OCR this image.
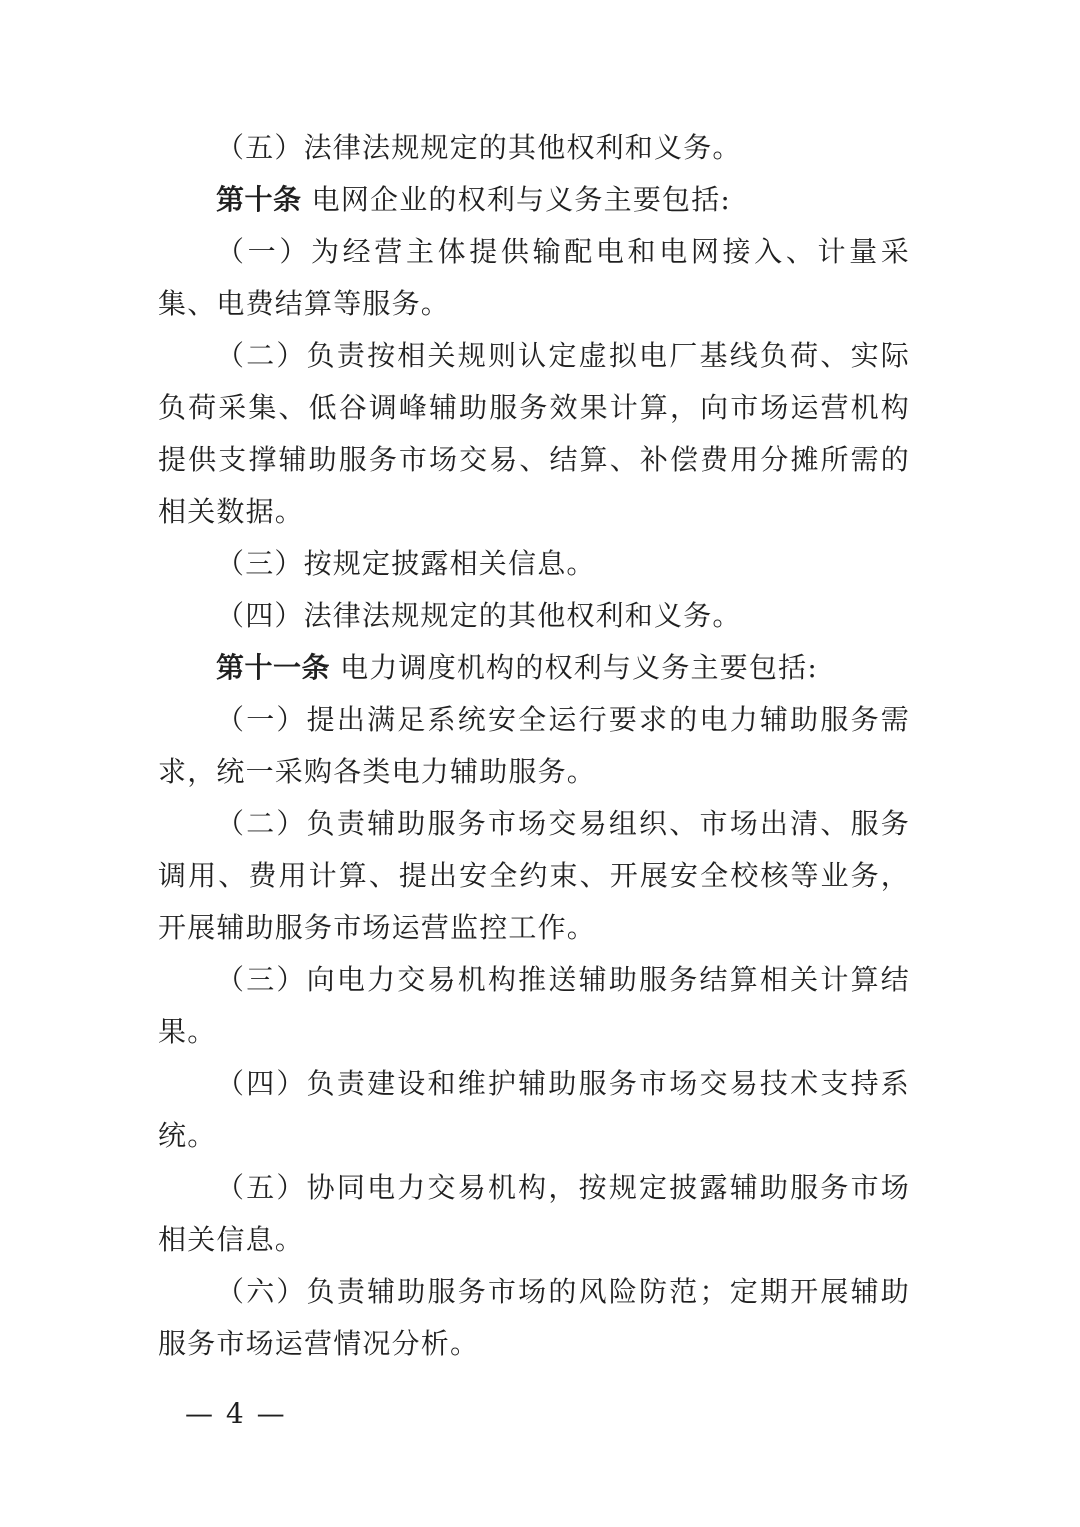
（五）法律法规规定的其他权利和义务。

第十条 电网企业的权利与义务主要包括:

（一）为经营主体提供输配电和电网接入、计量采集、电费结算等服务。

（二）负责按相关规则认定虚拟电厂基线负荷、实际负荷采集、低谷调峰辅助服务效果计算，向市场运营机构提供支撑辅助服务市场交易、结算、补偿费用分摊所需的相关数据。

（三）按规定披露相关信息。

（四）法律法规规定的其他权利和义务。

第十一条 电力调度机构的权利与义务主要包括:

（一）提出满足系统安全运行要求的电力辅助服务需求，统一采购各类电力辅助服务。

（二）负责辅助服务市场交易组织、市场出清、服务调用、费用计算、提出安全约束、开展安全校核等业务，开展辅助服务市场运营监控工作。

（三）向电力交易机构推送辅助服务结算相关计算结果。

（四）负责建设和维护辅助服务市场交易技术支持系统。

（五）协同电力交易机构，按规定披露辅助服务市场相关信息。

（六）负责辅助服务市场的风险防范；定期开展辅助服务市场运营情况分析。

— 4 —
